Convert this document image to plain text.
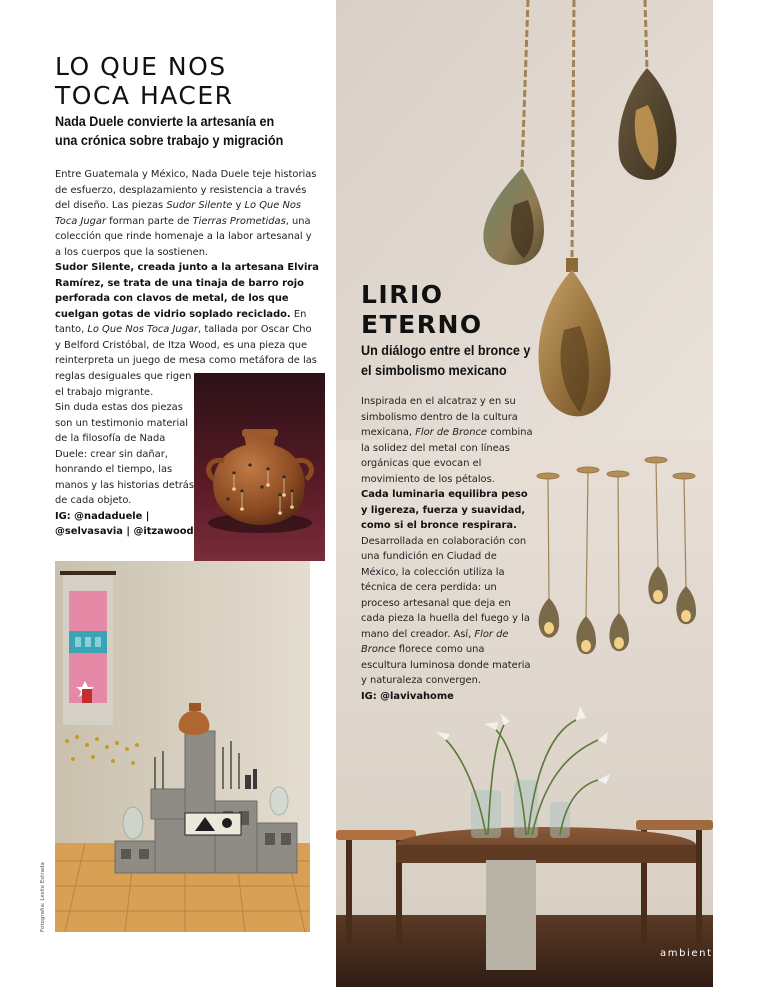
LO QUE NOS
TOCA HACER
Nada Duele convierte la artesanía en una crónica sobre trabajo y migración

Entre Guatemala y México, Nada Duele teje historias de esfuerzo, desplazamiento y resistencia a través del diseño. Las piezas Sudor Silente y Lo Que Nos Toca Jugar forman parte de Tierras Prometidas, una colección que rinde homenaje a la labor artesanal y a los cuerpos que la sostienen.

Sudor Silente, creada junto a la artesana Elvira Ramírez, se trata de una tinaja de barro rojo perforada con clavos de metal, de los que cuelgan gotas de vidrio soplado reciclado. En tanto, Lo Que Nos Toca Jugar, tallada por Oscar Cho y Belford Cristóbal, de Itza Wood, es una pieza que reinterpreta un juego de mesa como metáfora de las

reglas desiguales que rigen el trabajo migrante.

Sin duda estas dos piezas son un testimonio material de la filosofía de Nada Duele: crear sin dañar, honrando el tiempo, las manos y las historias detrás de cada objeto.

IG: @nadaduele | @selvasavia | @itzawood

LIRIO
ETERNO
Un diálogo entre el bronce y el simbolismo mexicano

Inspirada en el alcatraz y en su simbolismo dentro de la cultura mexicana, Flor de Bronce combina la solidez del metal con líneas orgánicas que evocan el movimiento de los pétalos.

Cada luminaria equilibra peso y ligereza, fuerza y suavidad, como si el bronce respirara.

Desarrollada en colaboración con una fundición en Ciudad de México, la colección utiliza la técnica de cera perdida: un proceso artesanal que deja en cada pieza la huella del fuego y la mano del creador. Así, Flor de Bronce florece como una escultura luminosa donde materia y naturaleza convergen.

IG: @lavivahome

Fotografía: Leslie Estrada
ambientes 09
